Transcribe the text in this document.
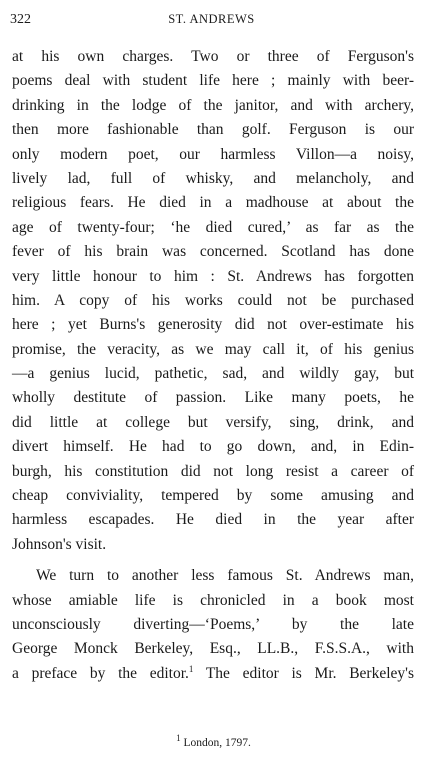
322	ST. ANDREWS
at his own charges. Two or three of Ferguson's
poems deal with student life here ; mainly with beer-
drinking in the lodge of the janitor, and with archery,
then more fashionable than golf. Ferguson is our
only modern poet, our harmless Villon—a noisy,
lively lad, full of whisky, and melancholy, and
religious fears. He died in a madhouse at about the
age of twenty-four; ‘he died cured,’ as far as the
fever of his brain was concerned. Scotland has done
very little honour to him : St. Andrews has forgotten
him. A copy of his works could not be purchased
here ; yet Burns's generosity did not over-estimate his
promise, the veracity, as we may call it, of his genius
—a genius lucid, pathetic, sad, and wildly gay, but
wholly destitute of passion. Like many poets, he
did little at college but versify, sing, drink, and
divert himself. He had to go down, and, in Edin-
burgh, his constitution did not long resist a career of
cheap conviviality, tempered by some amusing and
harmless escapades. He died in the year after
Johnson's visit.
We turn to another less famous St. Andrews man,
whose amiable life is chronicled in a book most
unconsciously diverting—‘Poems,’ by the late
George Monck Berkeley, Esq., LL.B., F.S.S.A., with
a preface by the editor.$^1$ The editor is Mr. Berkeley's
$^1$ London, 1797.
